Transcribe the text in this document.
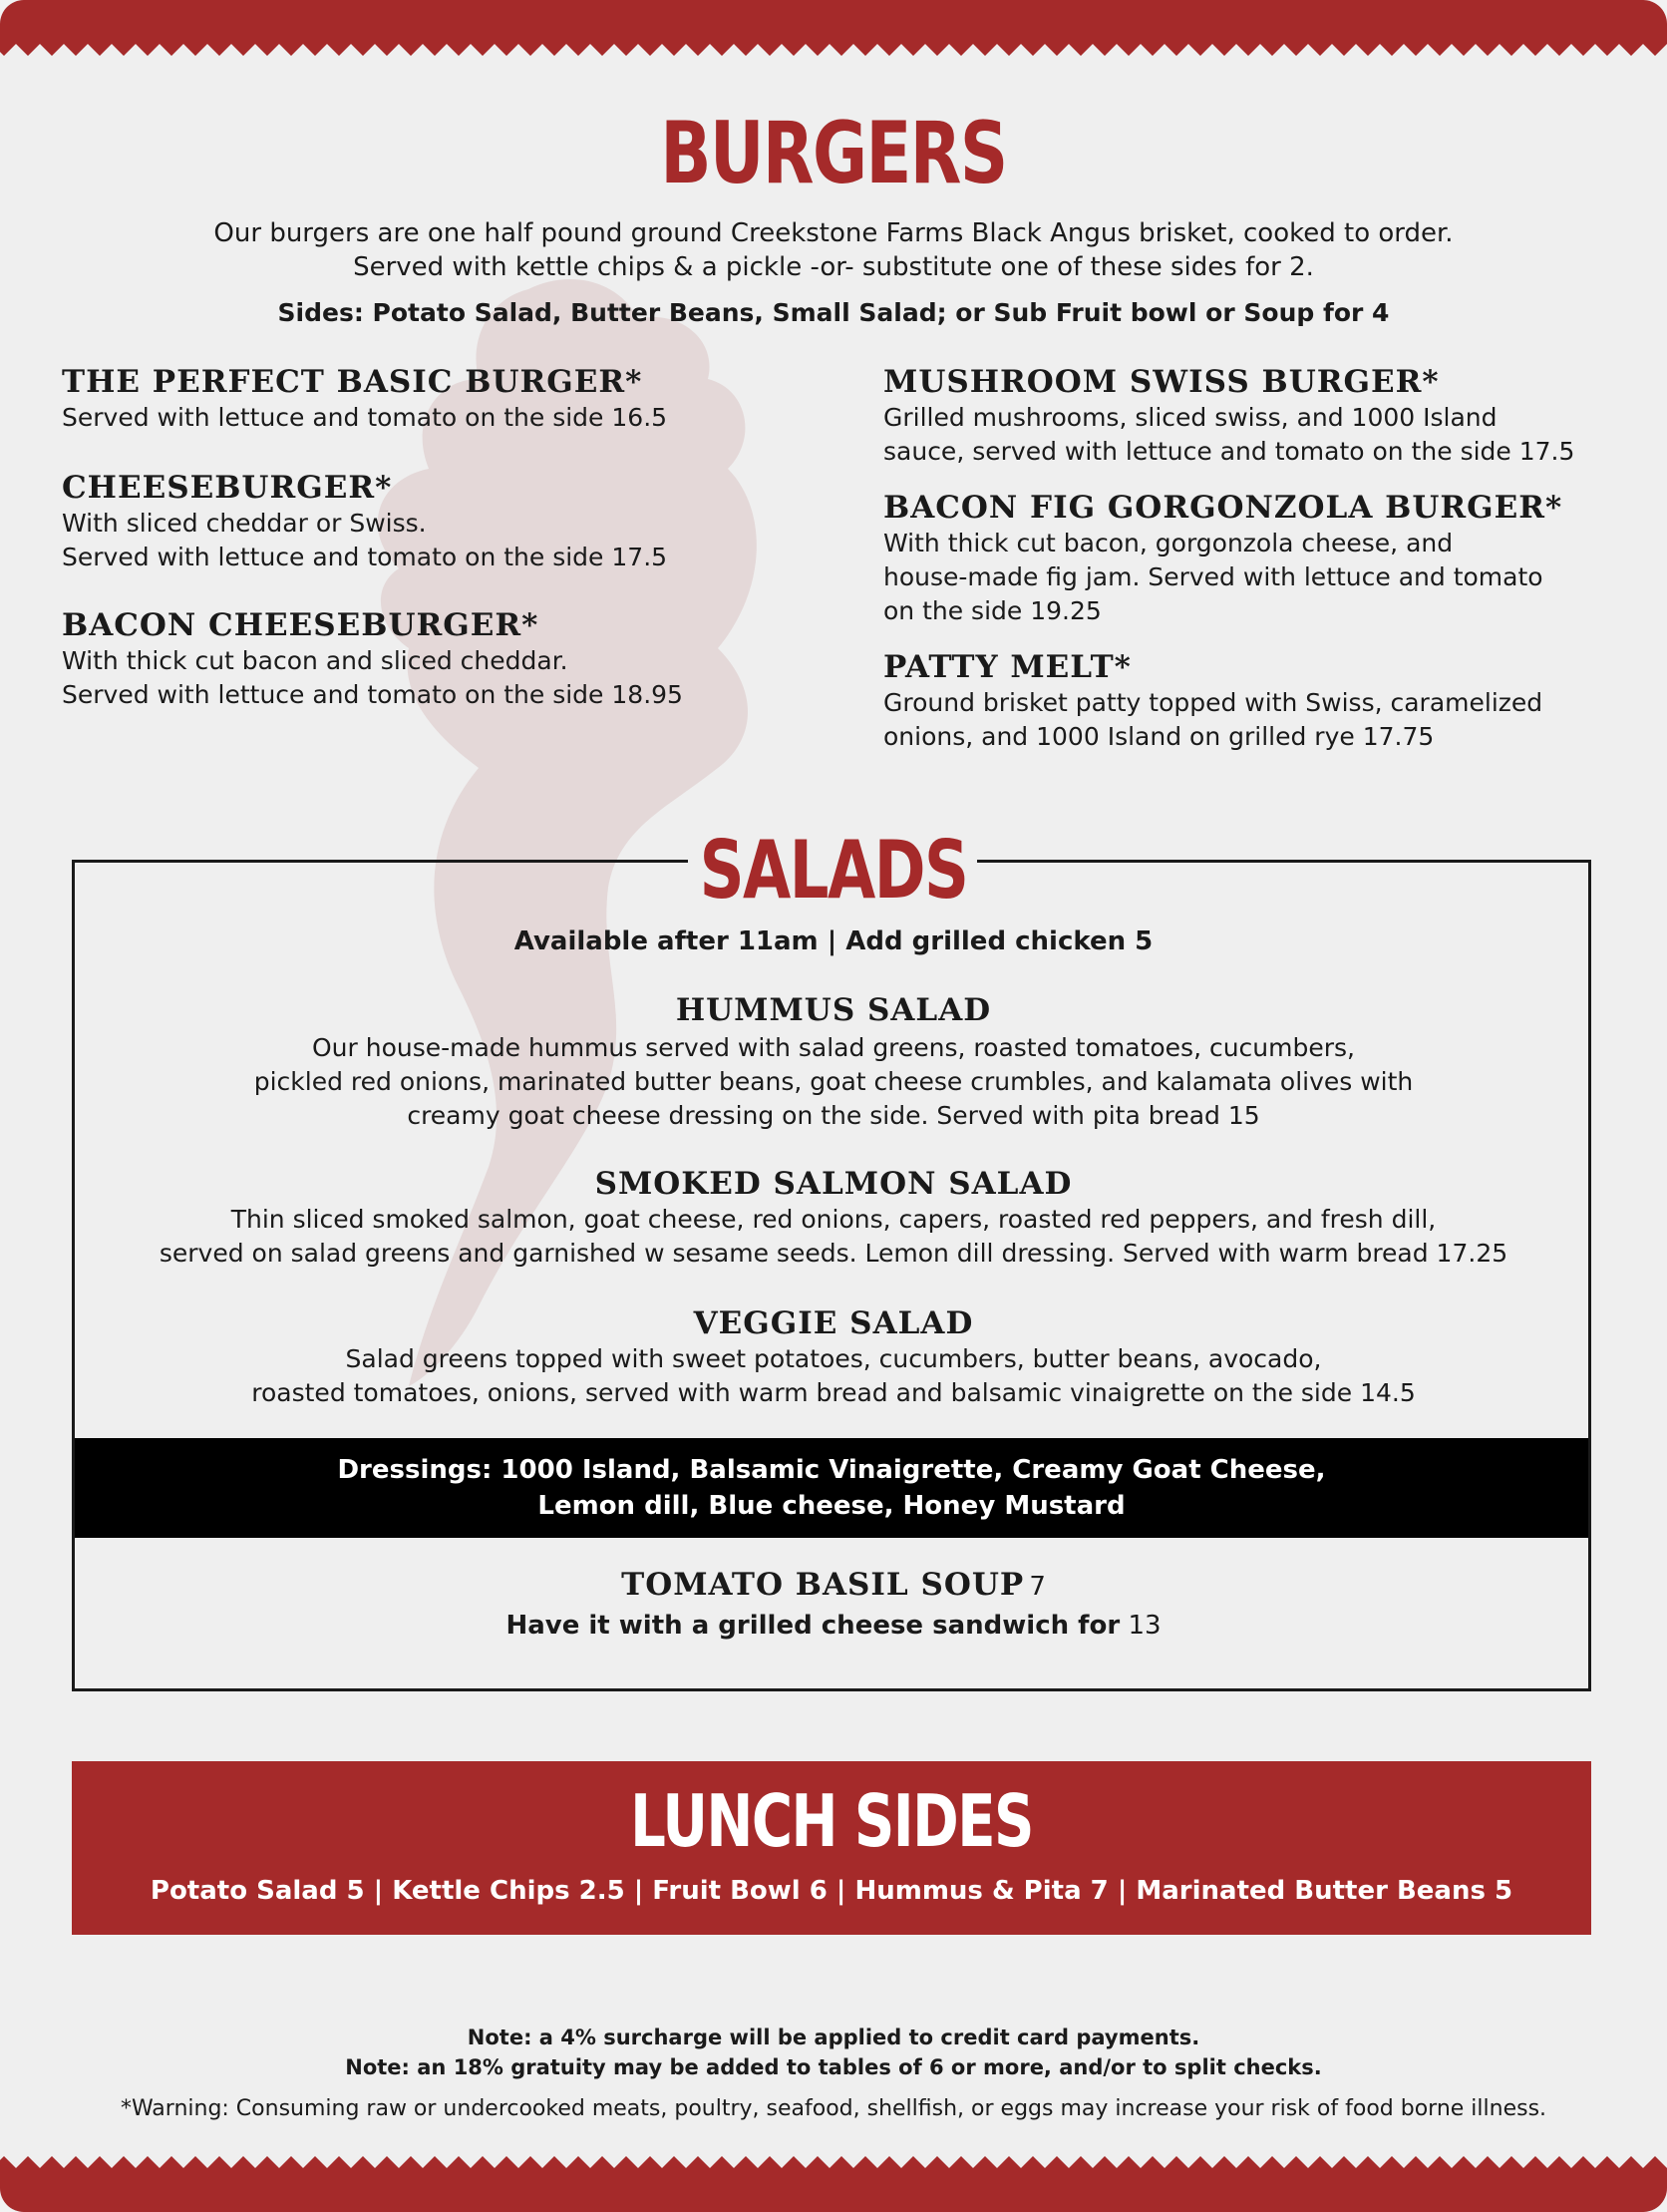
BURGERS
Our burgers are one half pound ground Creekstone Farms Black Angus brisket, cooked to order.
Served with kettle chips & a pickle -or- substitute one of these sides for 2.
Sides: Potato Salad, Butter Beans, Small Salad; or Sub Fruit bowl or Soup for 4
THE PERFECT BASIC BURGER*
Served with lettuce and tomato on the side 16.5
CHEESEBURGER*
With sliced cheddar or Swiss.
Served with lettuce and tomato on the side 17.5
BACON CHEESEBURGER*
With thick cut bacon and sliced cheddar.
Served with lettuce and tomato on the side 18.95
MUSHROOM SWISS BURGER*
Grilled mushrooms, sliced swiss, and 1000 Island
sauce, served with lettuce and tomato on the side 17.5
BACON FIG GORGONZOLA BURGER*
With thick cut bacon, gorgonzola cheese, and
house-made fig jam. Served with lettuce and tomato
on the side 19.25
PATTY MELT*
Ground brisket patty topped with Swiss, caramelized
onions, and 1000 Island on grilled rye 17.75
SALADS
Available after 11am | Add grilled chicken 5
HUMMUS SALAD
Our house-made hummus served with salad greens, roasted tomatoes, cucumbers,
pickled red onions, marinated butter beans, goat cheese crumbles, and kalamata olives with
creamy goat cheese dressing on the side. Served with pita bread 15
SMOKED SALMON SALAD
Thin sliced smoked salmon, goat cheese, red onions, capers, roasted red peppers, and fresh dill,
served on salad greens and garnished w sesame seeds. Lemon dill dressing. Served with warm bread 17.25
VEGGIE SALAD
Salad greens topped with sweet potatoes, cucumbers, butter beans, avocado,
roasted tomatoes, onions, served with warm bread and balsamic vinaigrette on the side 14.5
Dressings: 1000 Island, Balsamic Vinaigrette, Creamy Goat Cheese,
Lemon dill, Blue cheese, Honey Mustard
TOMATO BASIL SOUP 7
Have it with a grilled cheese sandwich for 13
LUNCH SIDES
Potato Salad 5 | Kettle Chips 2.5 | Fruit Bowl 6 | Hummus & Pita 7 | Marinated Butter Beans 5
Note: a 4% surcharge will be applied to credit card payments.
Note: an 18% gratuity may be added to tables of 6 or more, and/or to split checks.
*Warning: Consuming raw or undercooked meats, poultry, seafood, shellfish, or eggs may increase your risk of food borne illness.
